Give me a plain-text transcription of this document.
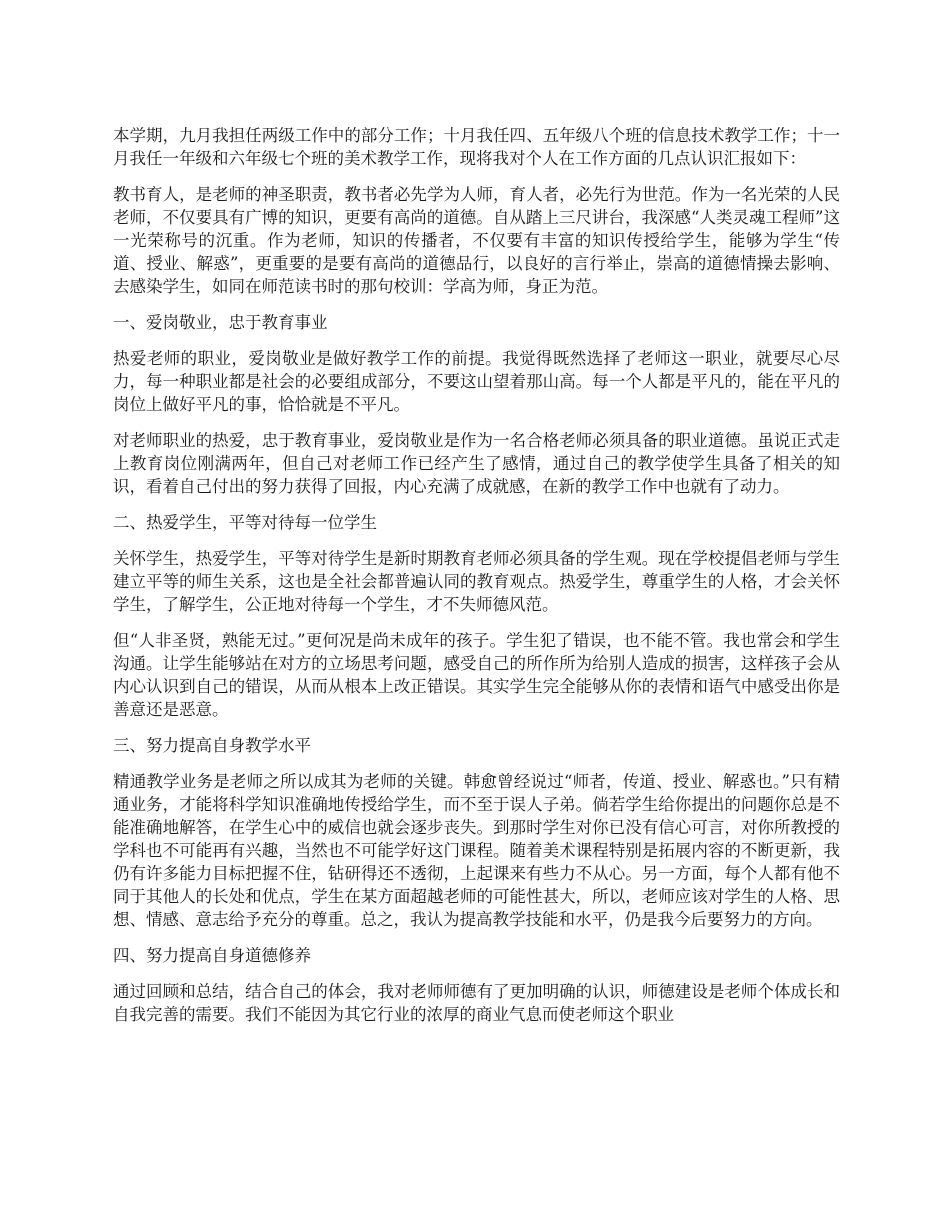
本学期，九月我担任两级工作中的部分工作；十月我任四、五年级八个班的信息技术教学工作；十一月我任一年级和六年级七个班的美术教学工作，现将我对个人在工作方面的几点认识汇报如下：

教书育人，是老师的神圣职责，教书者必先学为人师，育人者，必先行为世范。作为一名光荣的人民老师，不仅要具有广博的知识，更要有高尚的道德。自从踏上三尺讲台，我深感“人类灵魂工程师”这一光荣称号的沉重。作为老师，知识的传播者，不仅要有丰富的知识传授给学生，能够为学生“传道、授业、解惑”，更重要的是要有高尚的道德品行，以良好的言行举止，崇高的道德情操去影响、去感染学生，如同在师范读书时的那句校训：学高为师，身正为范。

一、爱岗敬业，忠于教育事业

热爱老师的职业，爱岗敬业是做好教学工作的前提。我觉得既然选择了老师这一职业，就要尽心尽力，每一种职业都是社会的必要组成部分，不要这山望着那山高。每一个人都是平凡的，能在平凡的岗位上做好平凡的事，恰恰就是不平凡。

对老师职业的热爱，忠于教育事业，爱岗敬业是作为一名合格老师必须具备的职业道德。虽说正式走上教育岗位刚满两年，但自己对老师工作已经产生了感情，通过自己的教学使学生具备了相关的知识，看着自己付出的努力获得了回报，内心充满了成就感，在新的教学工作中也就有了动力。

二、热爱学生，平等对待每一位学生

关怀学生，热爱学生，平等对待学生是新时期教育老师必须具备的学生观。现在学校提倡老师与学生建立平等的师生关系，这也是全社会都普遍认同的教育观点。热爱学生，尊重学生的人格，才会关怀学生，了解学生，公正地对待每一个学生，才不失师德风范。

但“人非圣贤，熟能无过。”更何况是尚未成年的孩子。学生犯了错误，也不能不管。我也常会和学生沟通。让学生能够站在对方的立场思考问题，感受自己的所作所为给别人造成的损害，这样孩子会从内心认识到自己的错误，从而从根本上改正错误。其实学生完全能够从你的表情和语气中感受出你是善意还是恶意。

三、努力提高自身教学水平

精通教学业务是老师之所以成其为老师的关键。韩愈曾经说过“师者，传道、授业、解惑也。”只有精通业务，才能将科学知识准确地传授给学生，而不至于误人子弟。倘若学生给你提出的问题你总是不能准确地解答，在学生心中的威信也就会逐步丧失。到那时学生对你已没有信心可言，对你所教授的学科也不可能再有兴趣，当然也不可能学好这门课程。随着美术课程特别是拓展内容的不断更新，我仍有许多能力目标把握不住，钻研得还不透彻，上起课来有些力不从心。另一方面，每个人都有他不同于其他人的长处和优点，学生在某方面超越老师的可能性甚大，所以，老师应该对学生的人格、思想、情感、意志给予充分的尊重。总之，我认为提高教学技能和水平，仍是我今后要努力的方向。

四、努力提高自身道德修养

通过回顾和总结，结合自己的体会，我对老师师德有了更加明确的认识，师德建设是老师个体成长和自我完善的需要。我们不能因为其它行业的浓厚的商业气息而使老师这个职业
